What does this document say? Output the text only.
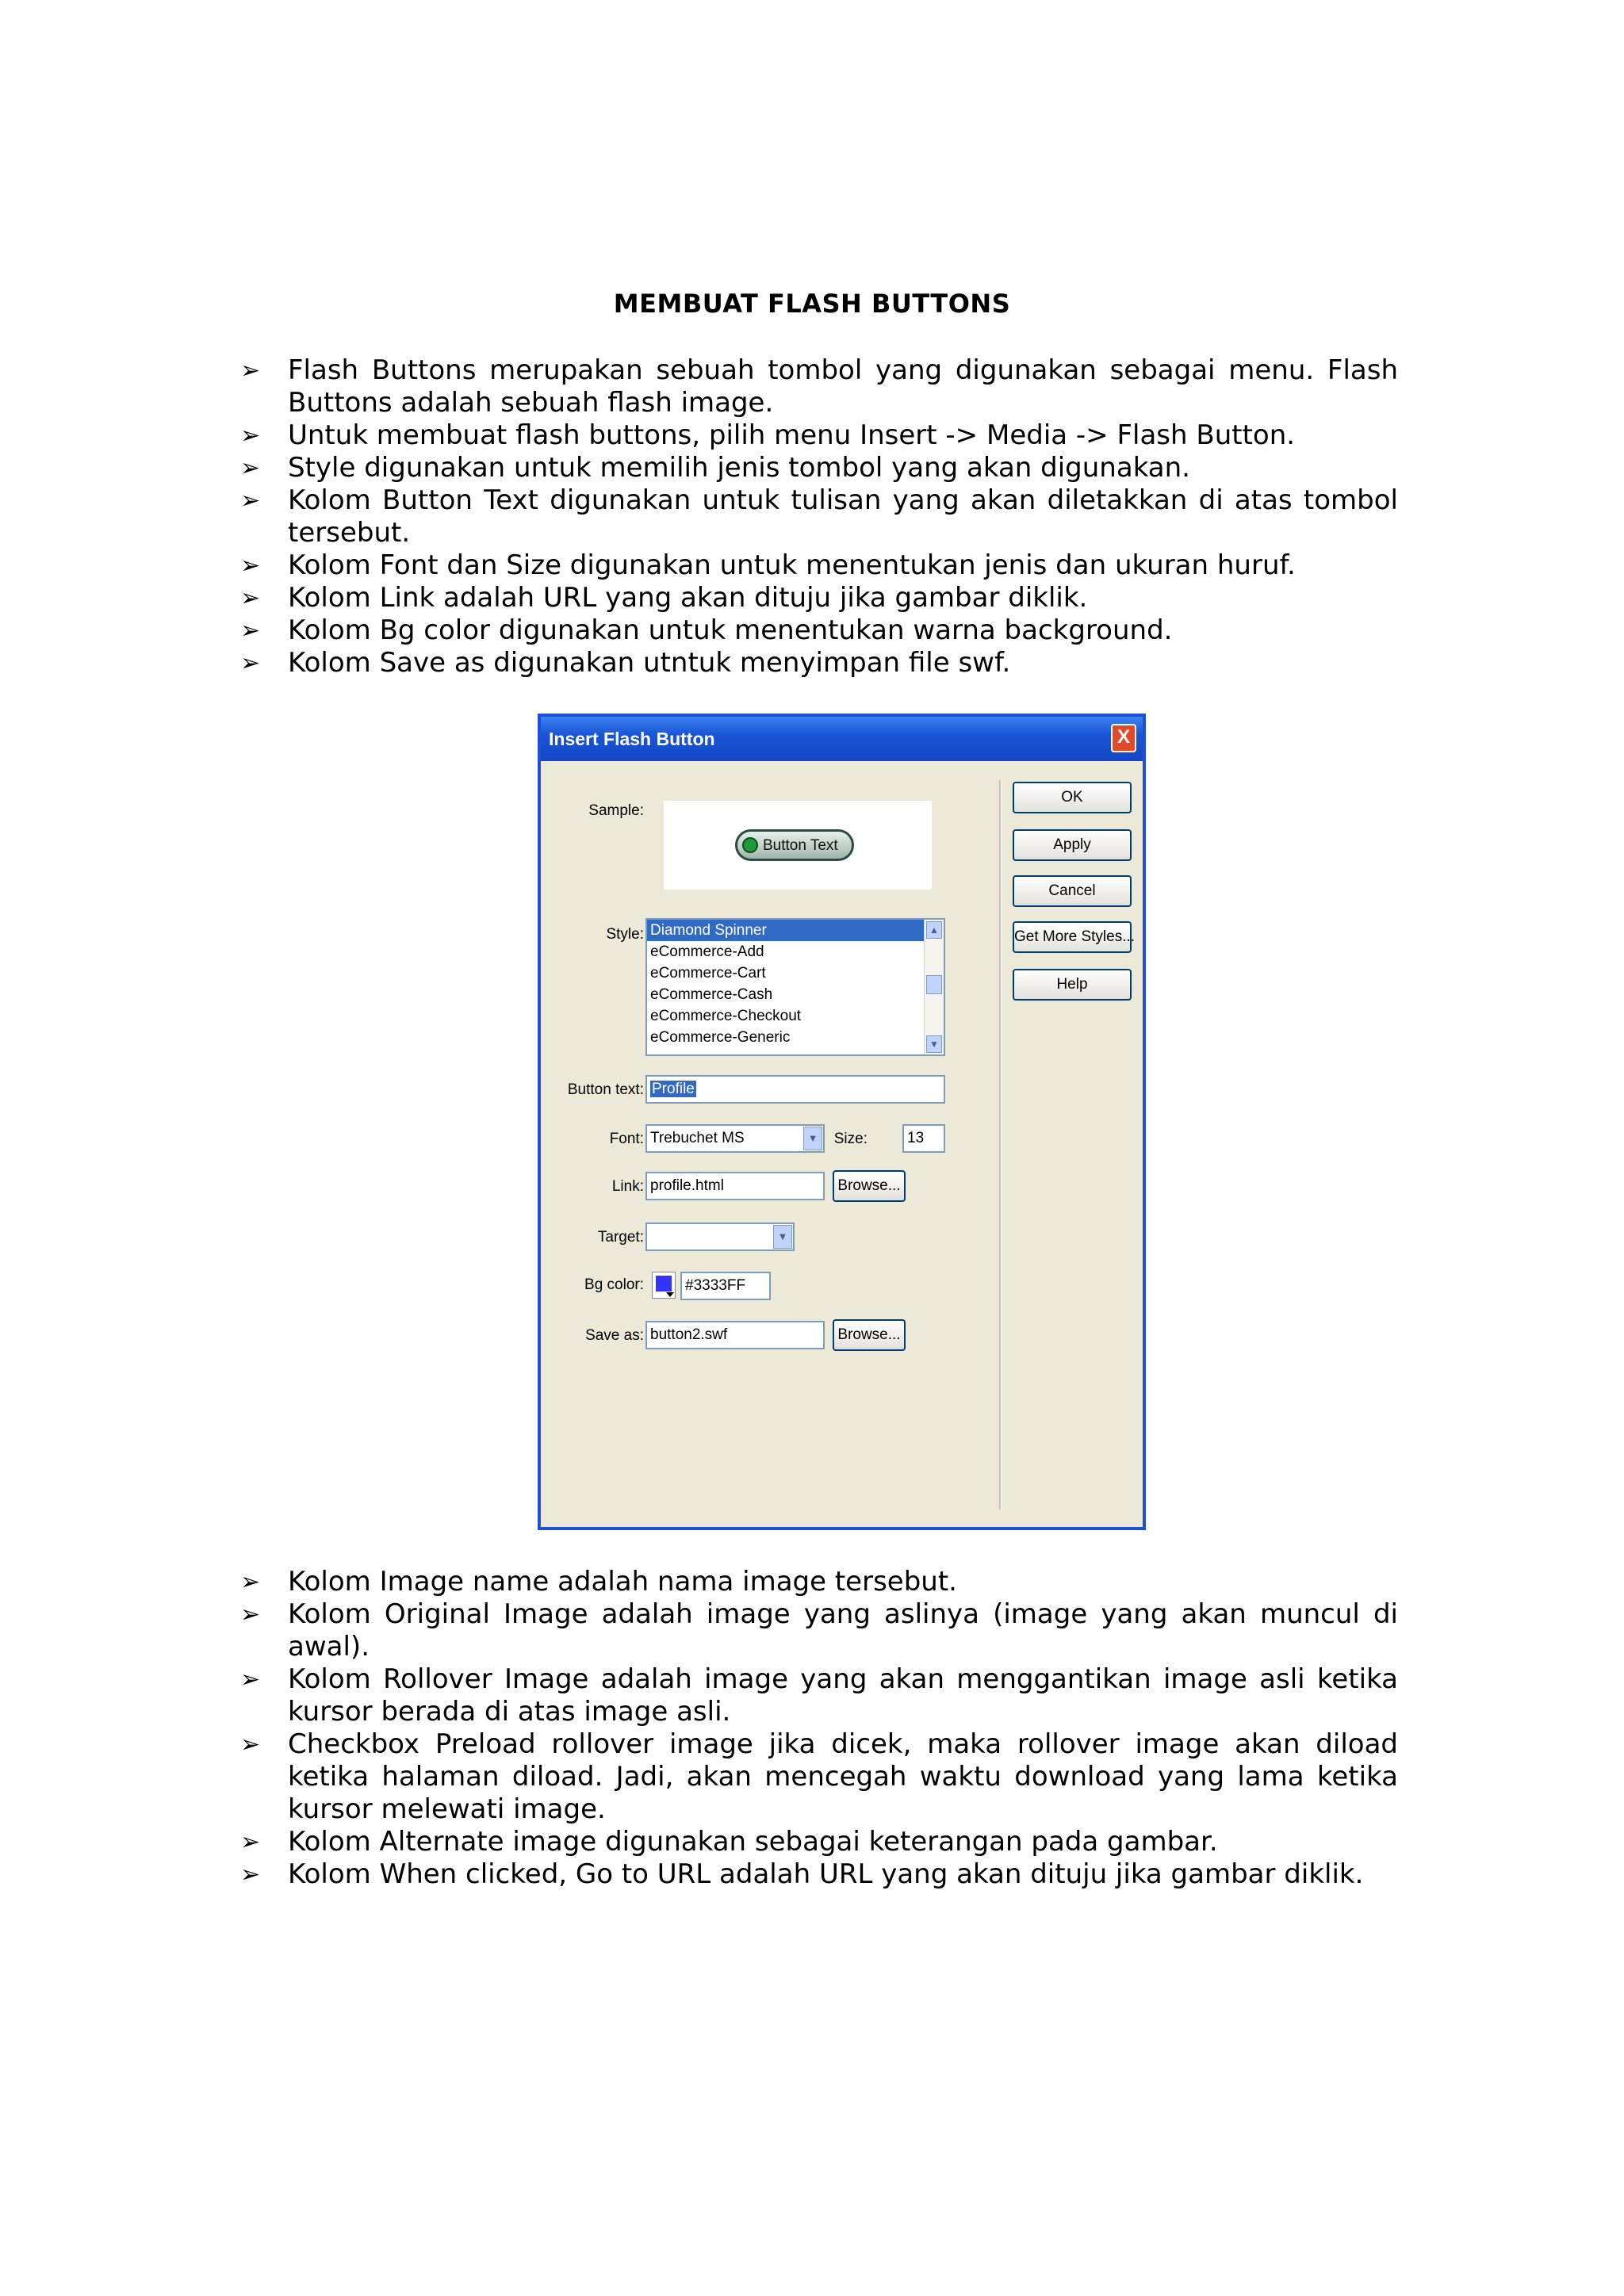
MEMBUAT FLASH BUTTONS
➢ Flash Buttons merupakan sebuah tombol yang digunakan sebagai menu. Flash Buttons adalah sebuah flash image.
➢ Untuk membuat flash buttons, pilih menu Insert -> Media -> Flash Button.
➢ Style digunakan untuk memilih jenis tombol yang akan digunakan.
➢ Kolom Button Text digunakan untuk tulisan yang akan diletakkan di atas tombol tersebut.
➢ Kolom Font dan Size digunakan untuk menentukan jenis dan ukuran huruf.
➢ Kolom Link adalah URL yang akan dituju jika gambar diklik.
➢ Kolom Bg color digunakan untuk menentukan warna background.
➢ Kolom Save as digunakan utntuk menyimpan file swf.
Insert Flash Button	X
Sample:
Button Text
Style: Diamond Spinner
eCommerce-Add
eCommerce-Cart
eCommerce-Cash
eCommerce-Checkout
eCommerce-Generic
▲
▼
Button text: Profile
Font: Trebuchet MS	▼	Size:	13
Link: profile.html	Browse...
Target:	▼
Bg color:	#3333FF
Save as: button2.swf	Browse...
OK
Apply
Cancel
Get More Styles...
Help
➢ Kolom Image name adalah nama image tersebut.
➢ Kolom Original Image adalah image yang aslinya (image yang akan muncul di awal).
➢ Kolom Rollover Image adalah image yang akan menggantikan image asli ketika kursor berada di atas image asli.
➢ Checkbox Preload rollover image jika dicek, maka rollover image akan diload ketika halaman diload. Jadi, akan mencegah waktu download yang lama ketika kursor melewati image.
➢ Kolom Alternate image digunakan sebagai keterangan pada gambar.
➢ Kolom When clicked, Go to URL adalah URL yang akan dituju jika gambar diklik.
